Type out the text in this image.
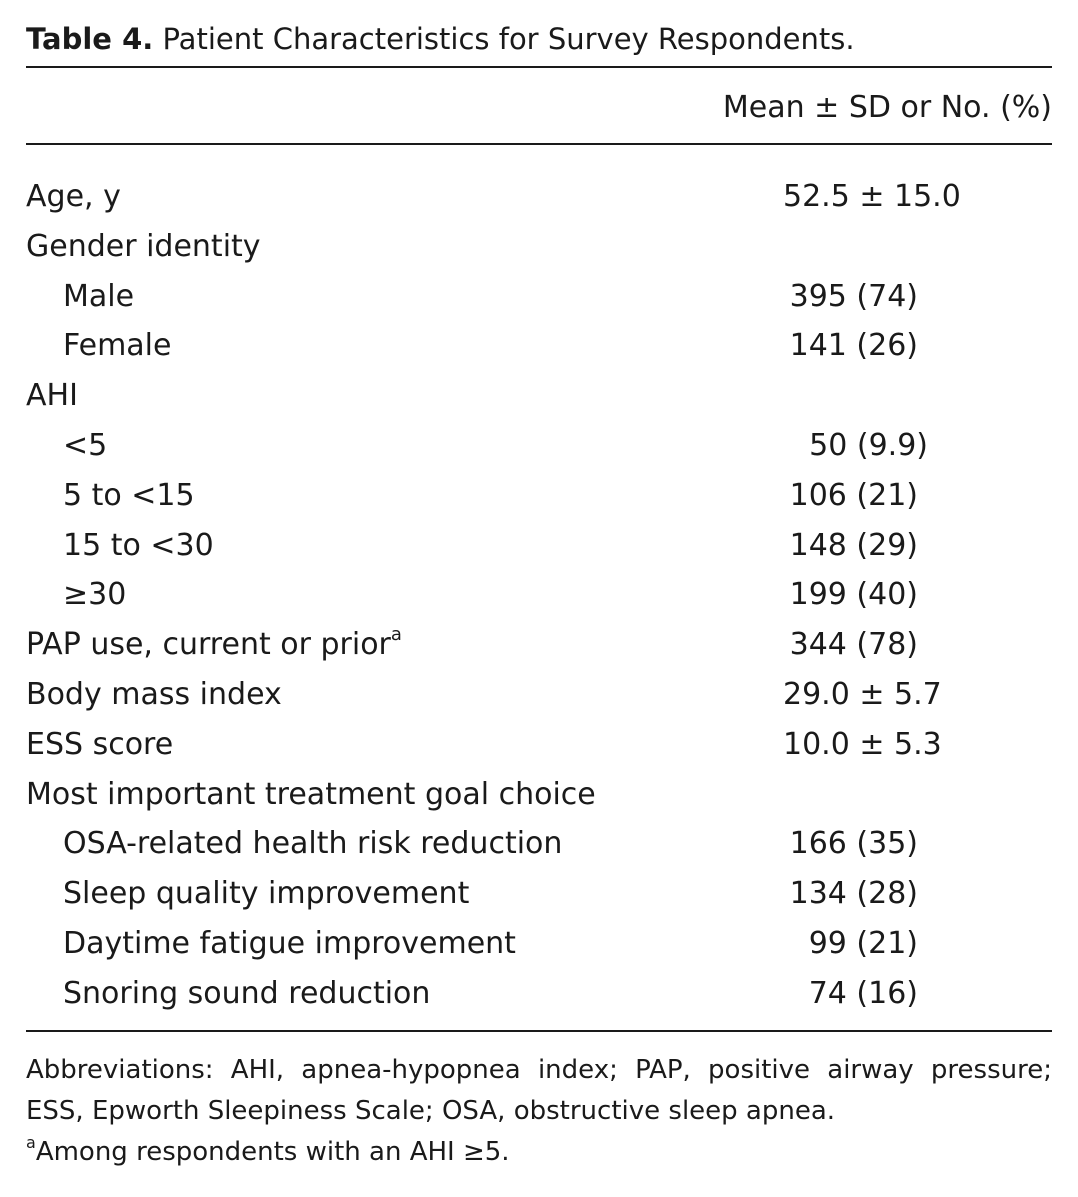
Table 4. Patient Characteristics for Survey Respondents.
Mean ± SD or No. (%)
Age, y	52.5 ± 15.0
Gender identity
Male	395 (74)
Female	141 (26)
AHI
<5	50 (9.9)
5 to <15	106 (21)
15 to <30	148 (29)
≥30	199 (40)
PAP use, current or prior$^a$	344 (78)
Body mass index	29.0 ± 5.7
ESS score	10.0 ± 5.3
Most important treatment goal choice
OSA-related health risk reduction	166 (35)
Sleep quality improvement	134 (28)
Daytime fatigue improvement	99 (21)
Snoring sound reduction	74 (16)
Abbreviations: AHI, apnea-hypopnea index; PAP, positive airway pressure; ESS, Epworth Sleepiness Scale; OSA, obstructive sleep apnea.
$^a$Among respondents with an AHI ≥5.
